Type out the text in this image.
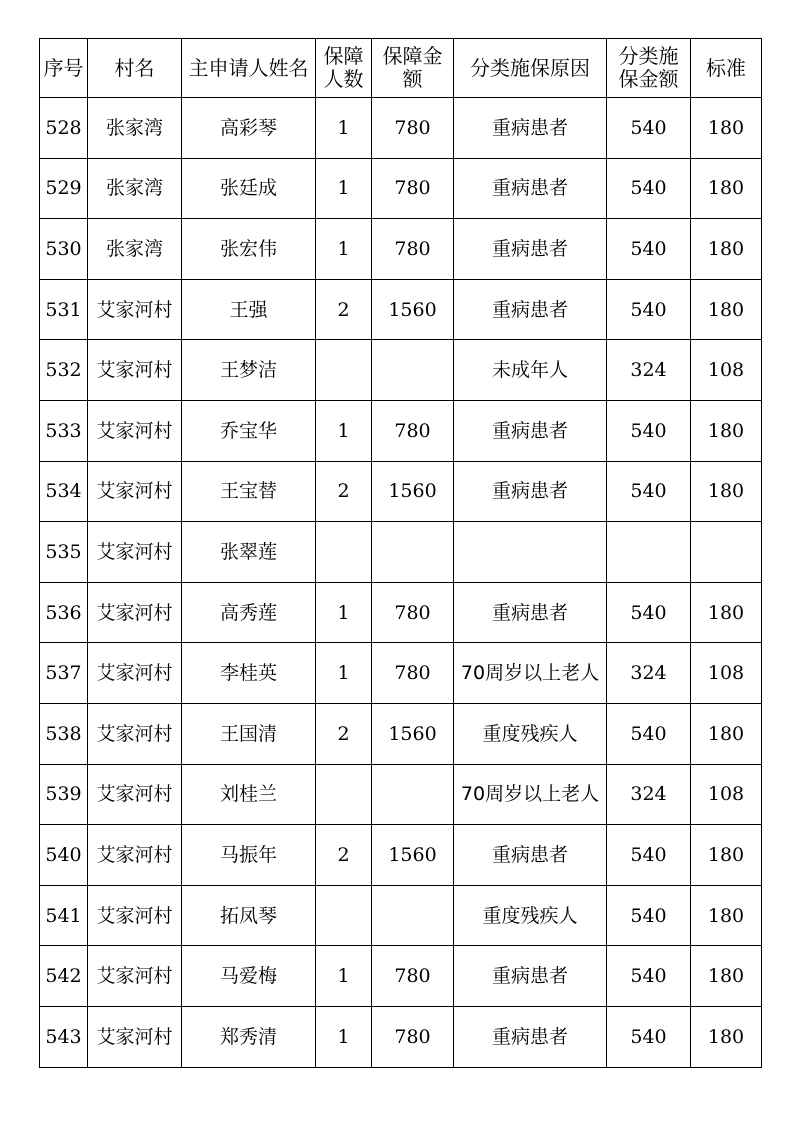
序号	村名	主申请人姓名	保障人数	保障金额	分类施保原因	分类施保金额	标准
528	张家湾	高彩琴	1	780	重病患者	540	180
529	张家湾	张廷成	1	780	重病患者	540	180
530	张家湾	张宏伟	1	780	重病患者	540	180
531	艾家河村	王强	2	1560	重病患者	540	180
532	艾家河村	王梦洁			未成年人	324	108
533	艾家河村	乔宝华	1	780	重病患者	540	180
534	艾家河村	王宝替	2	1560	重病患者	540	180
535	艾家河村	张翠莲					
536	艾家河村	高秀莲	1	780	重病患者	540	180
537	艾家河村	李桂英	1	780	70周岁以上老人	324	108
538	艾家河村	王国清	2	1560	重度残疾人	540	180
539	艾家河村	刘桂兰			70周岁以上老人	324	108
540	艾家河村	马振年	2	1560	重病患者	540	180
541	艾家河村	拓凤琴			重度残疾人	540	180
542	艾家河村	马爱梅	1	780	重病患者	540	180
543	艾家河村	郑秀清	1	780	重病患者	540	180
